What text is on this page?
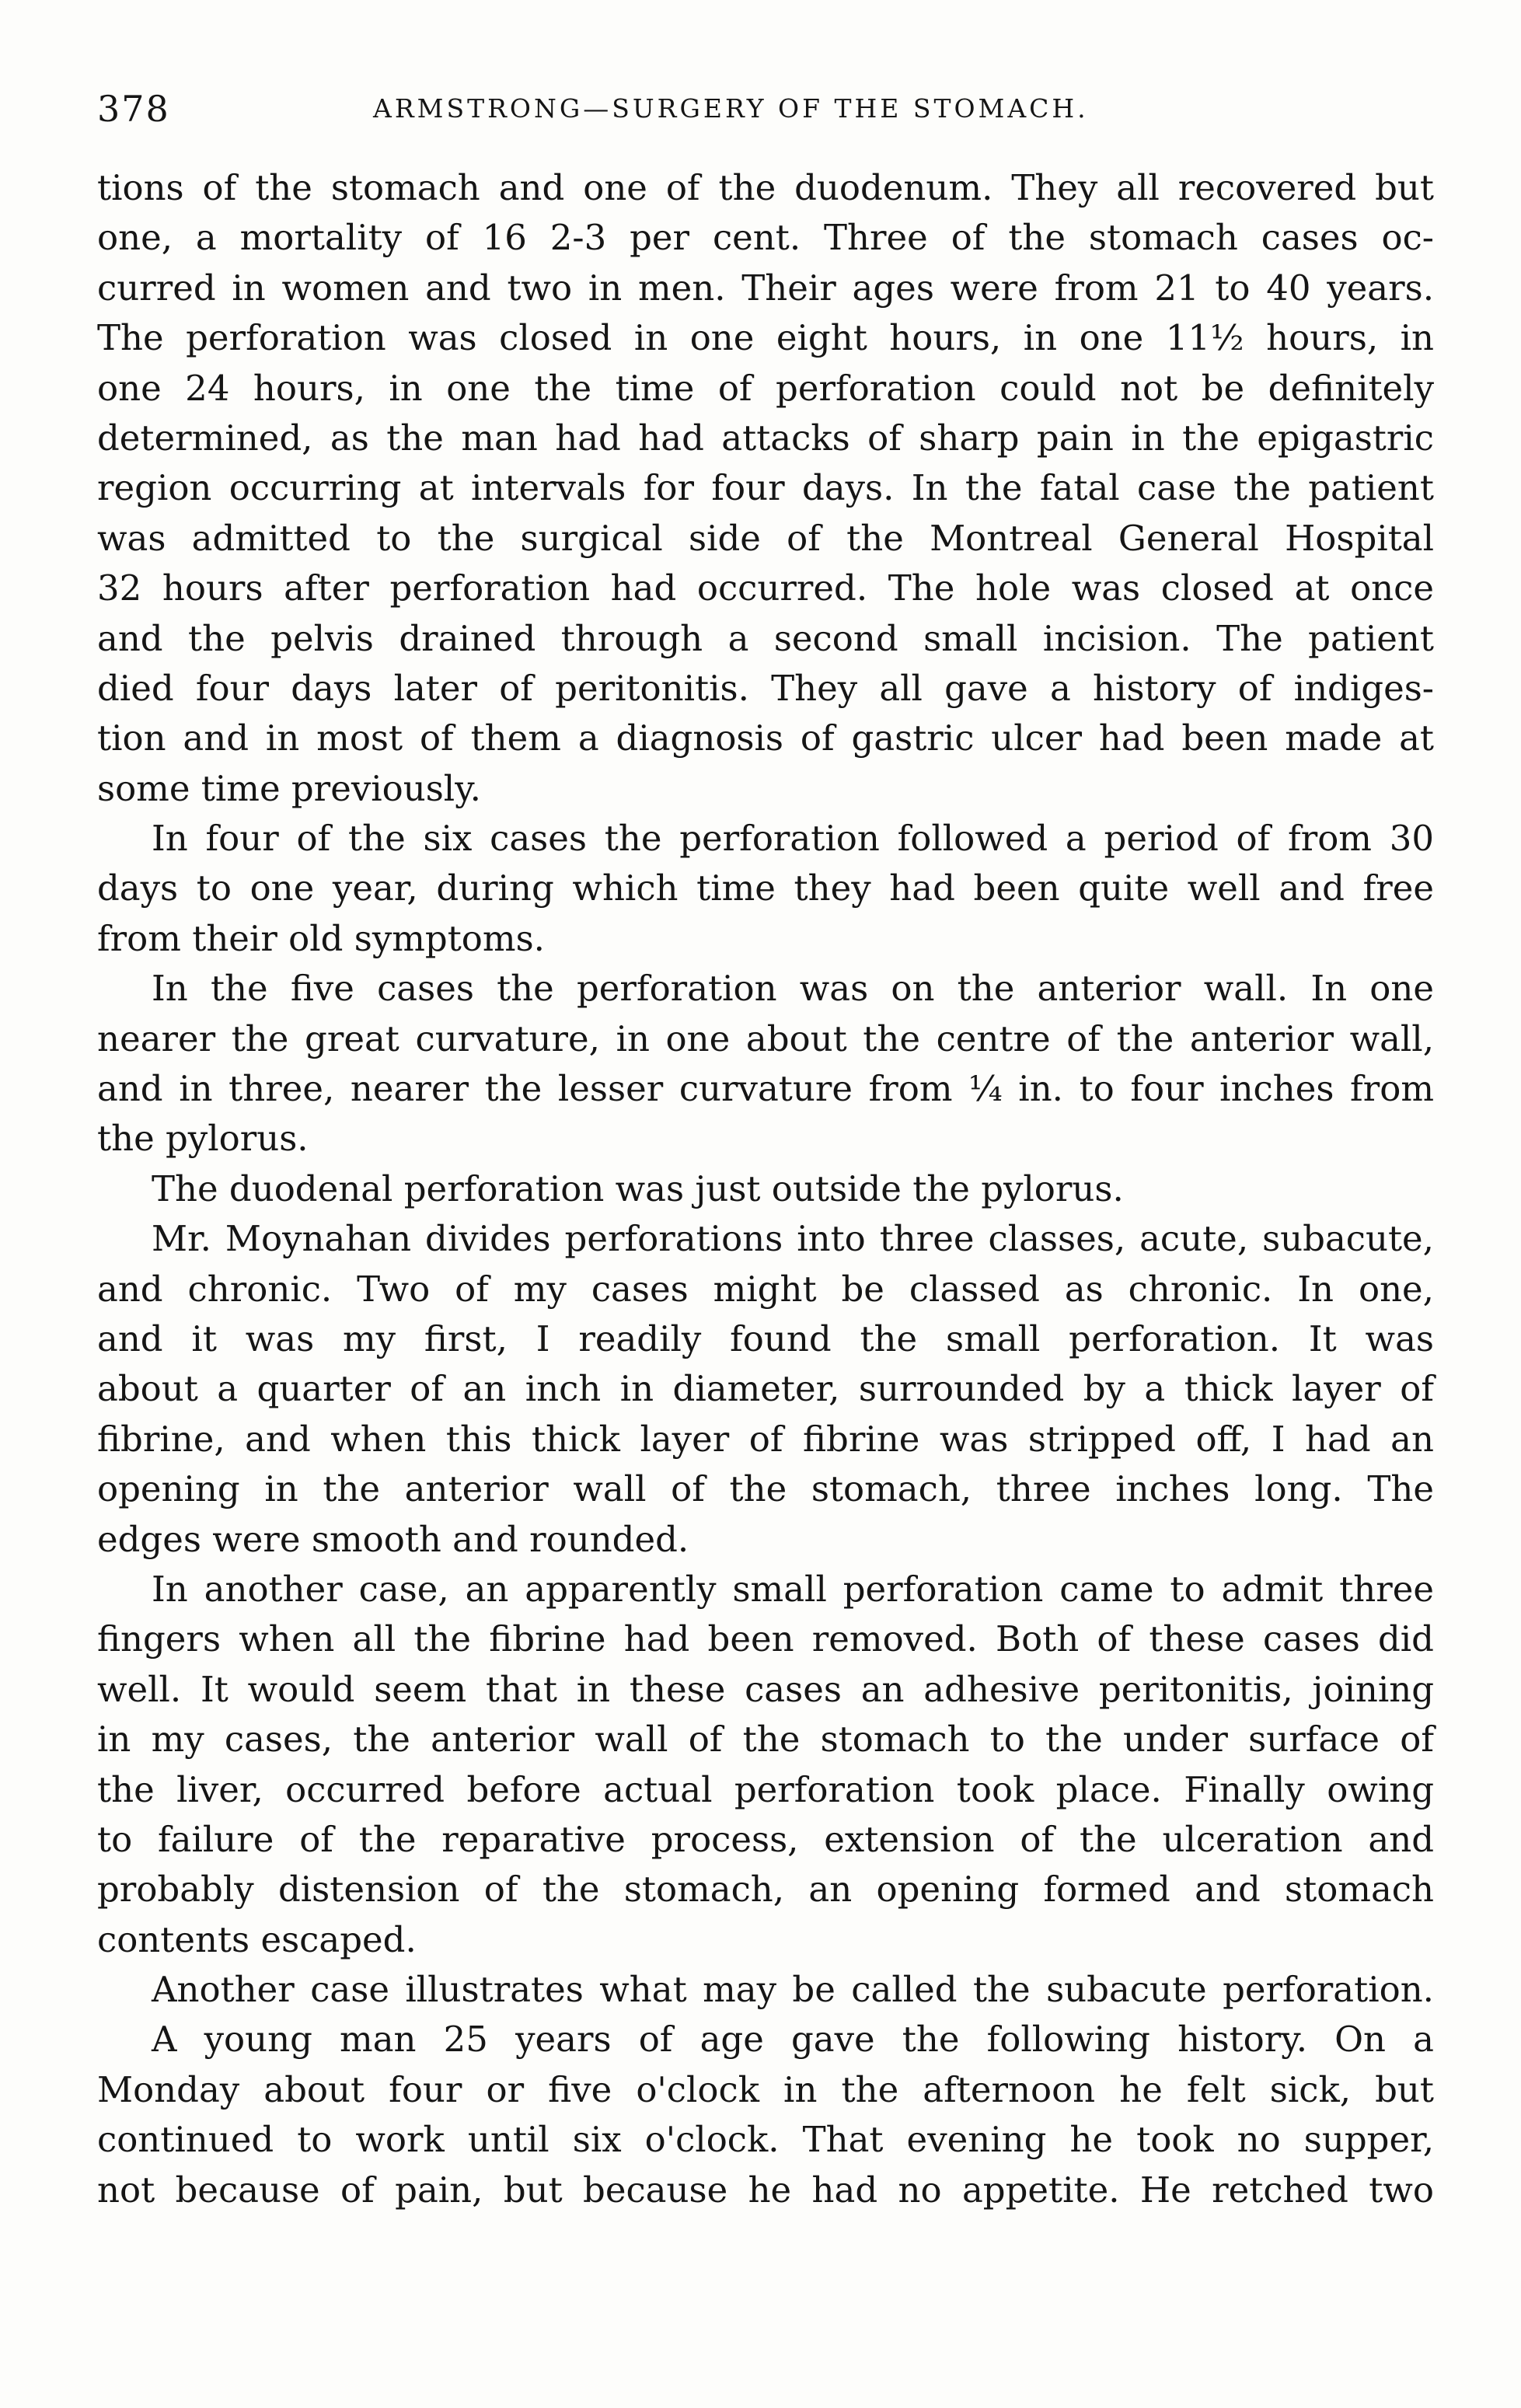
378	ARMSTRONG—SURGERY OF THE STOMACH.
tions of the stomach and one of the duodenum. They all recovered but
one, a mortality of 16 2-3 per cent. Three of the stomach cases oc-
curred in women and two in men. Their ages were from 21 to 40 years.
The perforation was closed in one eight hours, in one 11½ hours, in
one 24 hours, in one the time of perforation could not be definitely
determined, as the man had had attacks of sharp pain in the epigastric
region occurring at intervals for four days. In the fatal case the patient
was admitted to the surgical side of the Montreal General Hospital
32 hours after perforation had occurred. The hole was closed at once
and the pelvis drained through a second small incision. The patient
died four days later of peritonitis. They all gave a history of indiges-
tion and in most of them a diagnosis of gastric ulcer had been made at
some time previously.
In four of the six cases the perforation followed a period of from 30
days to one year, during which time they had been quite well and free
from their old symptoms.
In the five cases the perforation was on the anterior wall. In one
nearer the great curvature, in one about the centre of the anterior wall,
and in three, nearer the lesser curvature from ¼ in. to four inches from
the pylorus.
The duodenal perforation was just outside the pylorus.
Mr. Moynahan divides perforations into three classes, acute, subacute,
and chronic. Two of my cases might be classed as chronic. In one,
and it was my first, I readily found the small perforation. It was
about a quarter of an inch in diameter, surrounded by a thick layer of
fibrine, and when this thick layer of fibrine was stripped off, I had an
opening in the anterior wall of the stomach, three inches long. The
edges were smooth and rounded.
In another case, an apparently small perforation came to admit three
fingers when all the fibrine had been removed. Both of these cases did
well. It would seem that in these cases an adhesive peritonitis, joining
in my cases, the anterior wall of the stomach to the under surface of
the liver, occurred before actual perforation took place. Finally owing
to failure of the reparative process, extension of the ulceration and
probably distension of the stomach, an opening formed and stomach
contents escaped.
Another case illustrates what may be called the subacute perforation.
A young man 25 years of age gave the following history. On a
Monday about four or five o'clock in the afternoon he felt sick, but
continued to work until six o'clock. That evening he took no supper,
not because of pain, but because he had no appetite. He retched two
